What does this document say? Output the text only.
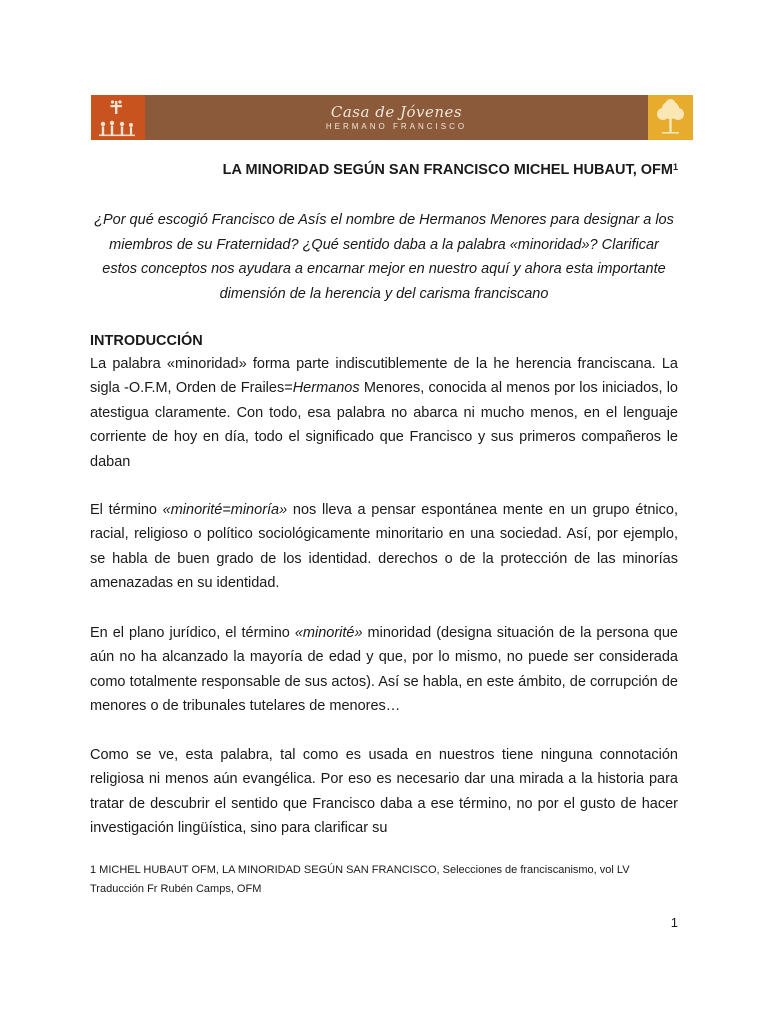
Casa de Jóvenes
HERMANO FRANCISCO
LA MINORIDAD SEGÚN SAN FRANCISCO MICHEL HUBAUT, OFM$^1$
¿Por qué escogió Francisco de Asís el nombre de Hermanos Menores para designar a los miembros de su Fraternidad? ¿Qué sentido daba a la palabra «minoridad»? Clarificar estos conceptos nos ayudara a encarnar mejor en nuestro aquí y ahora esta importante dimensión de la herencia y del carisma franciscano
INTRODUCCIÓN

La palabra «minoridad» forma parte indiscutiblemente de la he herencia franciscana. La sigla -O.F.M, Orden de Frailes=Hermanos Menores, conocida al menos por los iniciados, lo atestigua claramente. Con todo, esa palabra no abarca ni mucho menos, en el lenguaje corriente de hoy en día, todo el significado que Francisco y sus primeros compañeros le daban

El término «minorité=minoría» nos lleva a pensar espontánea mente en un grupo étnico, racial, religioso o político sociológicamente minoritario en una sociedad. Así, por ejemplo, se habla de buen grado de los identidad. derechos o de la protección de las minorías amenazadas en su identidad.

En el plano jurídico, el término «minorité» minoridad (designa situación de la persona que aún no ha alcanzado la mayoría de edad y que, por lo mismo, no puede ser considerada como totalmente responsable de sus actos). Así se habla, en este ámbito, de corrupción de menores o de tribunales tutelares de menores…

Como se ve, esta palabra, tal como es usada en nuestros tiene ninguna connotación religiosa ni menos aún evangélica. Por eso es necesario dar una mirada a la historia para tratar de descubrir el sentido que Francisco daba a ese término, no por el gusto de hacer investigación lingüística, sino para clarificar su

1 MICHEL HUBAUT OFM, LA MINORIDAD SEGÚN SAN FRANCISCO, Selecciones de franciscanismo, vol LV
Traducción Fr Rubén Camps, OFM
1
